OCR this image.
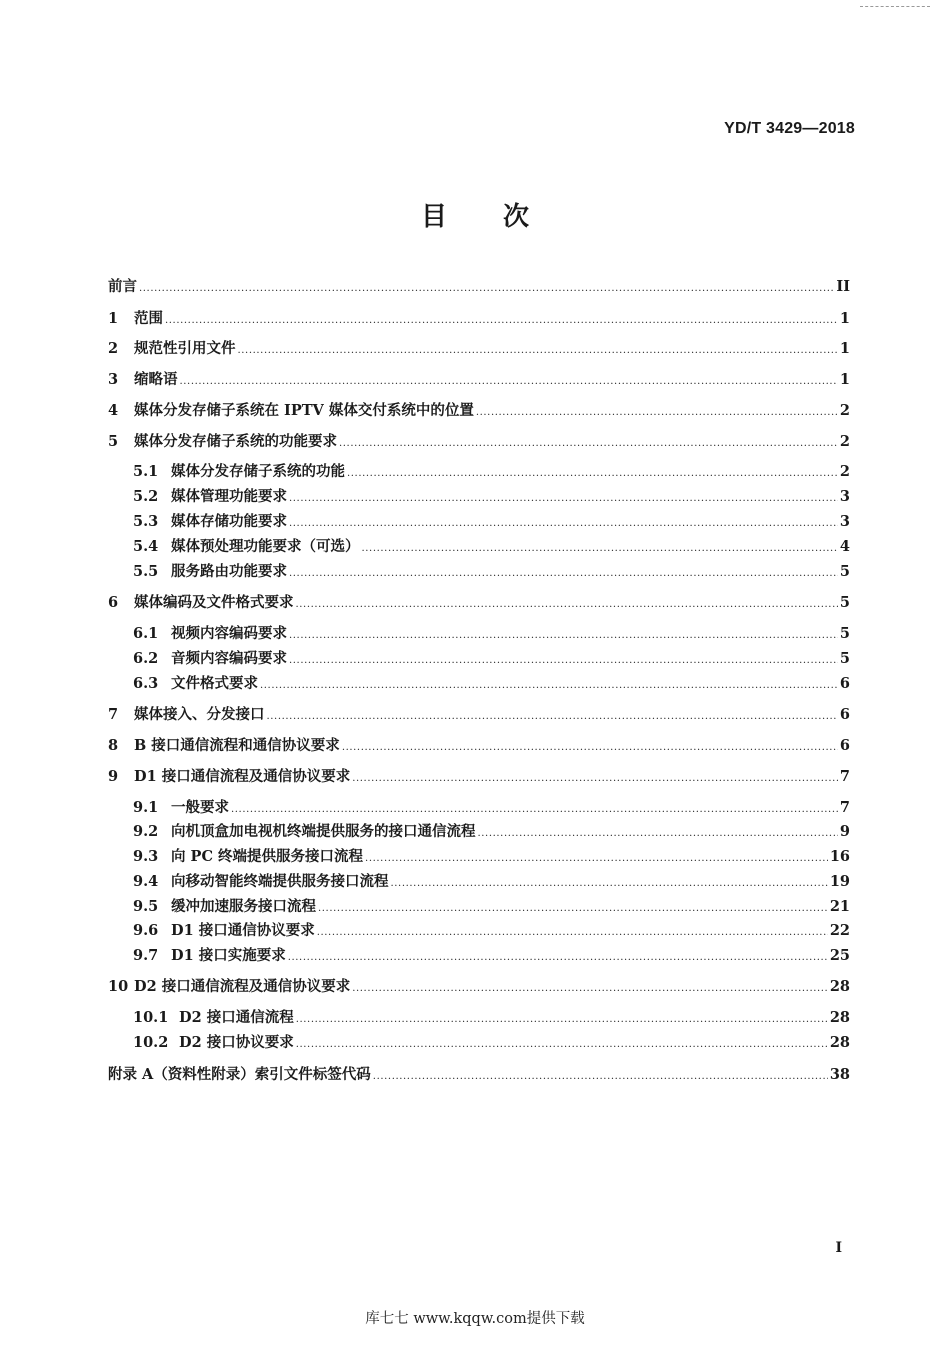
YD/T 3429—2018
目次
前言 .....	II
1	范围 .....	1
2	规范性引用文件 .....	1
3	缩略语 .....	1
4	媒体分发存储子系统在 IPTV 媒体交付系统中的位置 .....	2
5	媒体分发存储子系统的功能要求 .....	2
5.1 媒体分发存储子系统的功能 .....	2
5.2 媒体管理功能要求 .....	3
5.3 媒体存储功能要求 .....	3
5.4 媒体预处理功能要求（可选） .....	4
5.5 服务路由功能要求 .....	5
6	媒体编码及文件格式要求 .....	5
6.1 视频内容编码要求 .....	5
6.2 音频内容编码要求 .....	5
6.3 文件格式要求 .....	6
7	媒体接入、分发接口 .....	6
8	B 接口通信流程和通信协议要求 .....	6
9	D1 接口通信流程及通信协议要求 .....	7
9.1 一般要求 .....	7
9.2 向机顶盒加电视机终端提供服务的接口通信流程 .....	9
9.3 向 PC 终端提供服务接口流程 .....	16
9.4 向移动智能终端提供服务接口流程 .....	19
9.5 缓冲加速服务接口流程 .....	21
9.6 D1 接口通信协议要求 .....	22
9.7 D1 接口实施要求 .....	25
10 D2 接口通信流程及通信协议要求 .....	28
10.1 D2 接口通信流程 .....	28
10.2 D2 接口协议要求 .....	28
附录 A（资料性附录）索引文件标签代码 .....	38
I
库七七 www.kqqw.com提供下载
